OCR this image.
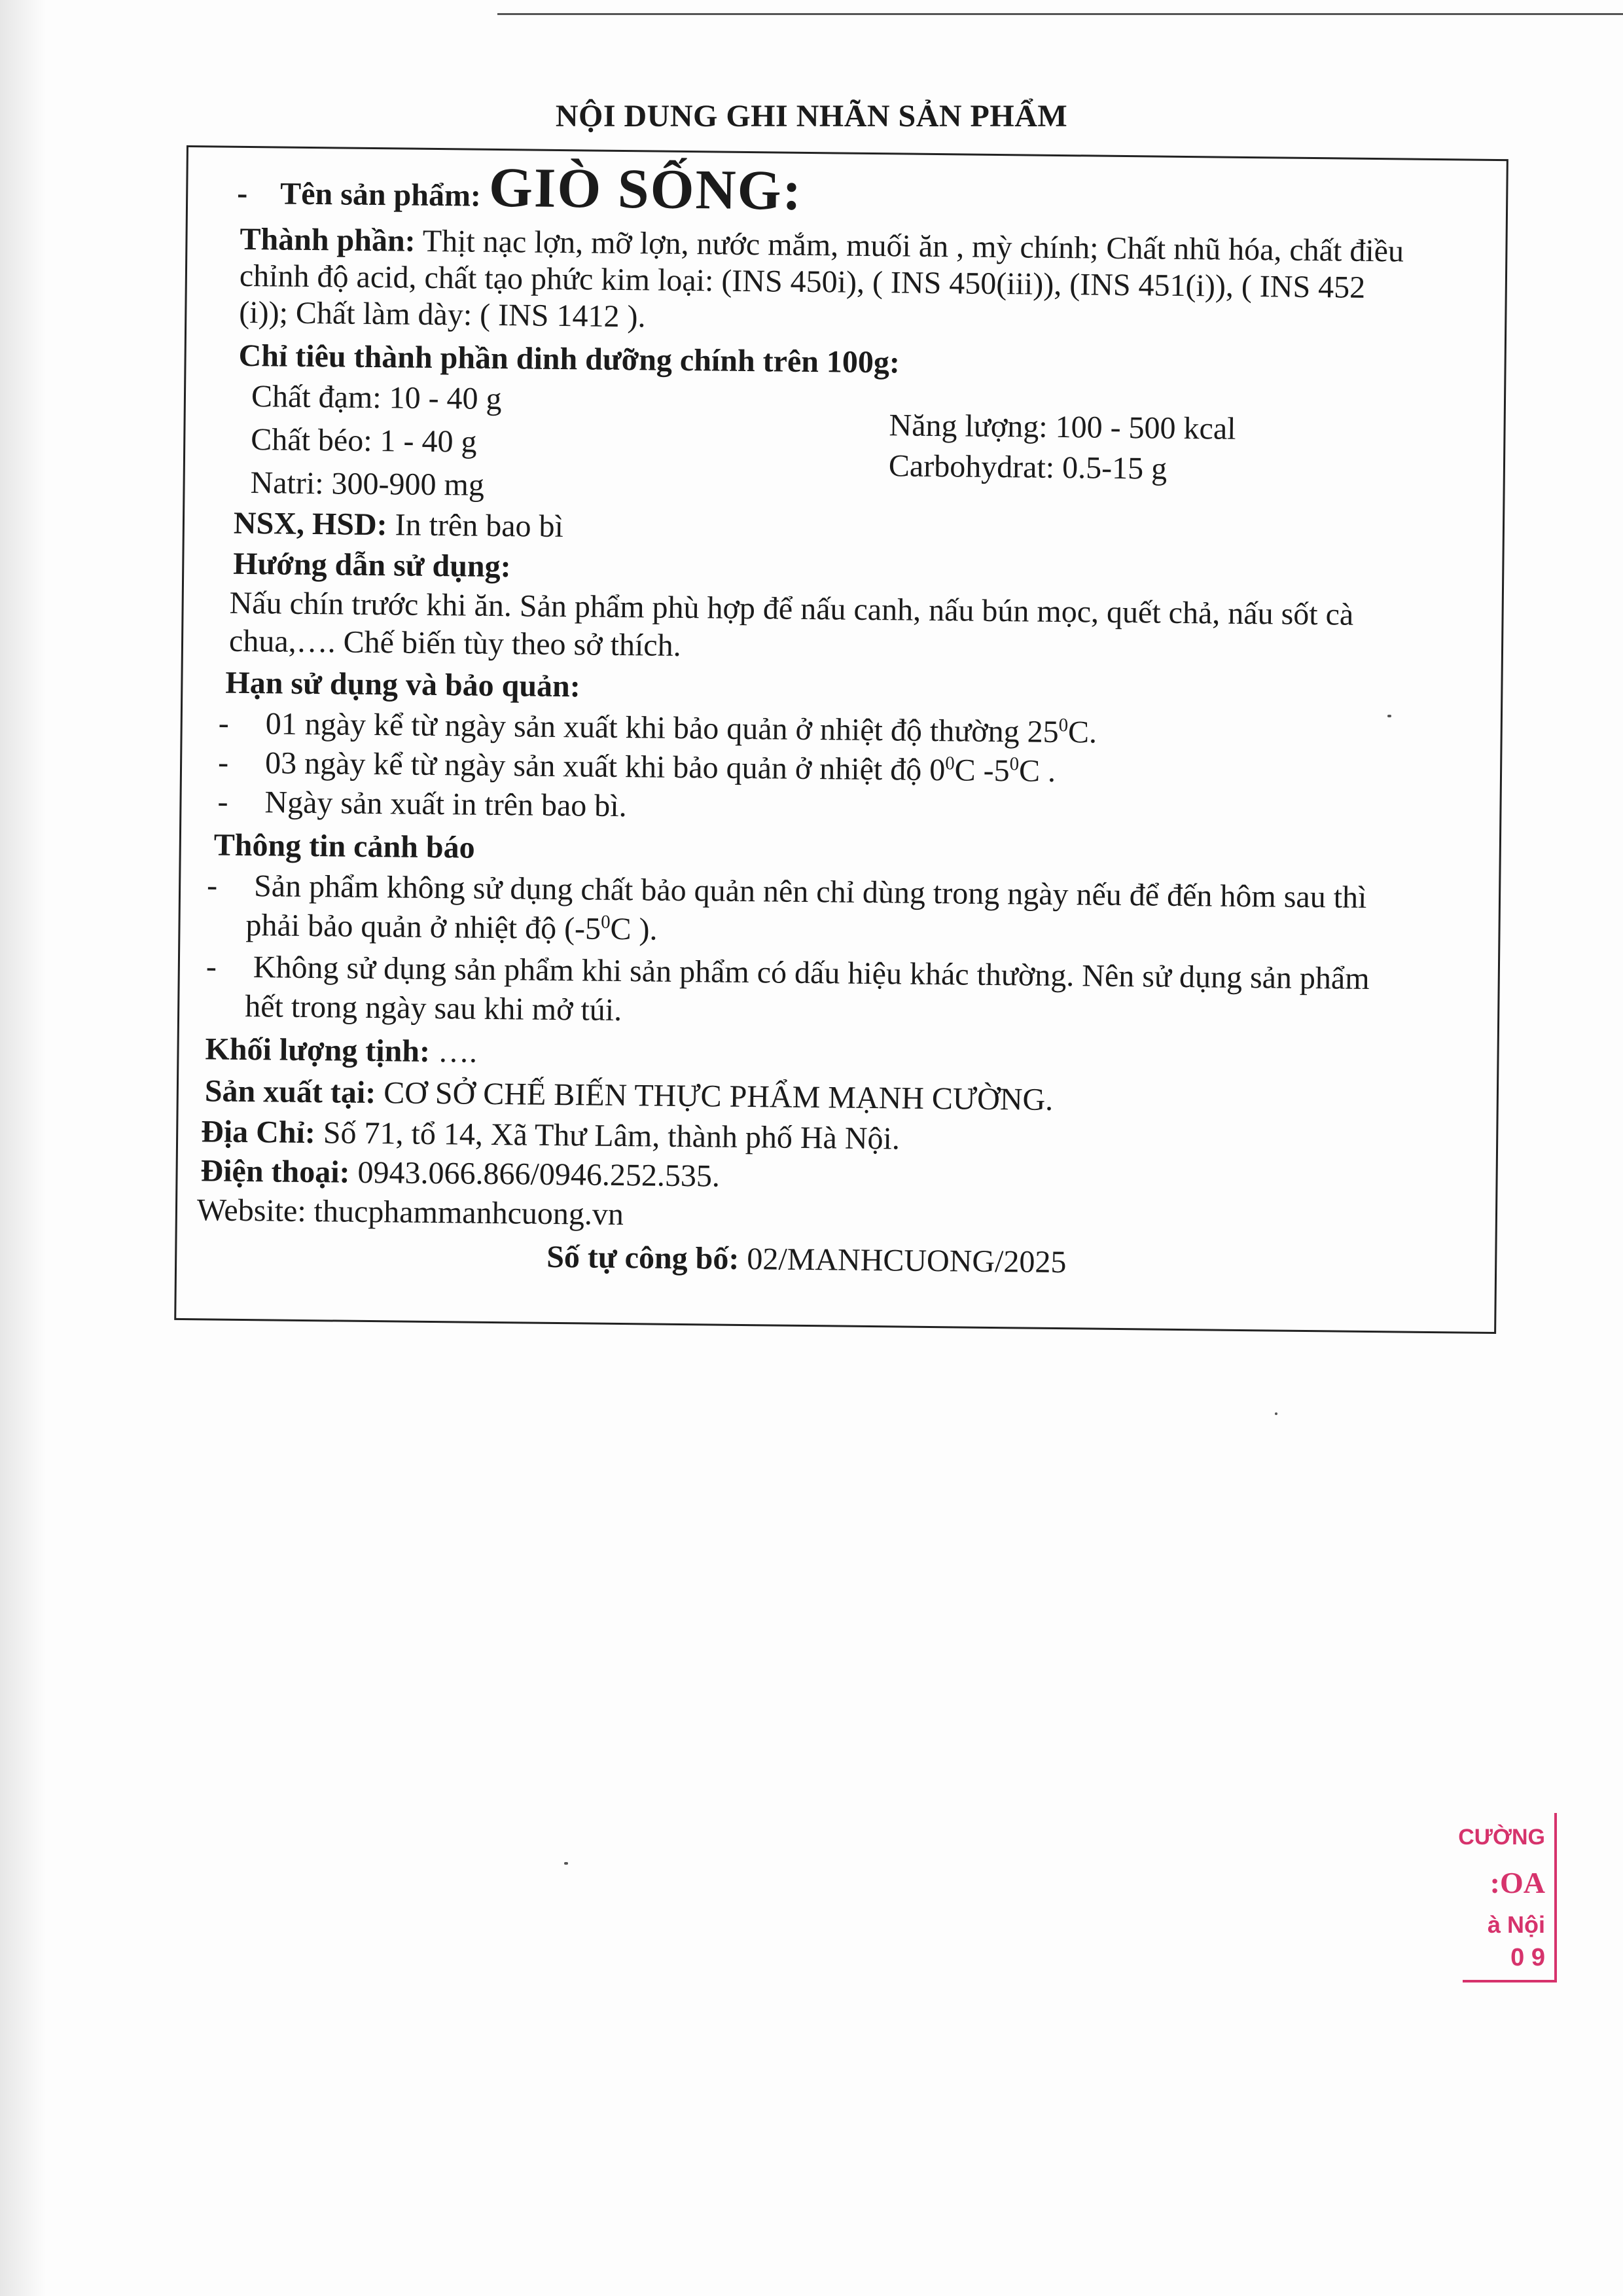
NỘI DUNG GHI NHÃN SẢN PHẨM
- Tên sản phẩm: GIÒ SỐNG:
Thành phần: Thịt nạc lợn, mỡ lợn, nước mắm, muối ăn , mỳ chính; Chất nhũ hóa, chất điều
chỉnh độ acid, chất tạo phức kim loại: (INS 450i), ( INS 450(iii)), (INS 451(i)), ( INS 452
(i)); Chất làm dày: ( INS 1412 ).
Chỉ tiêu thành phần dinh dưỡng chính trên 100g:
Chất đạm: 10 - 40 g
Chất béo: 1 - 40 g
Natri: 300-900 mg
Năng lượng: 100 - 500 kcal
Carbohydrat: 0.5-15 g
NSX, HSD: In trên bao bì
Hướng dẫn sử dụng:
Nấu chín trước khi ăn. Sản phẩm phù hợp để nấu canh, nấu bún mọc, quết chả, nấu sốt cà
chua,…. Chế biến tùy theo sở thích.
Hạn sử dụng và bảo quản:
- 01 ngày kể từ ngày sản xuất khi bảo quản ở nhiệt độ thường $25^0C$.
- 03 ngày kể từ ngày sản xuất khi bảo quản ở nhiệt độ $0^0C$ $-5^0C$ .
- Ngày sản xuất in trên bao bì.
Thông tin cảnh báo
- Sản phẩm không sử dụng chất bảo quản nên chỉ dùng trong ngày nếu để đến hôm sau thì
phải bảo quản ở nhiệt độ ($-5^0C$ ).
- Không sử dụng sản phẩm khi sản phẩm có dấu hiệu khác thường. Nên sử dụng sản phẩm
hết trong ngày sau khi mở túi.
Khối lượng tịnh: ….
Sản xuất tại: CƠ SỞ CHẾ BIẾN THỰC PHẨM MẠNH CƯỜNG.
Địa Chỉ: Số 71, tổ 14, Xã Thư Lâm, thành phố Hà Nội.
Điện thoại: 0943.066.866/0946.252.535.
Website: thucphammanhcuong.vn
Số tự công bố: 02/MANHCUONG/2025
CƯỜNG
:OA
à Nội
0 9
